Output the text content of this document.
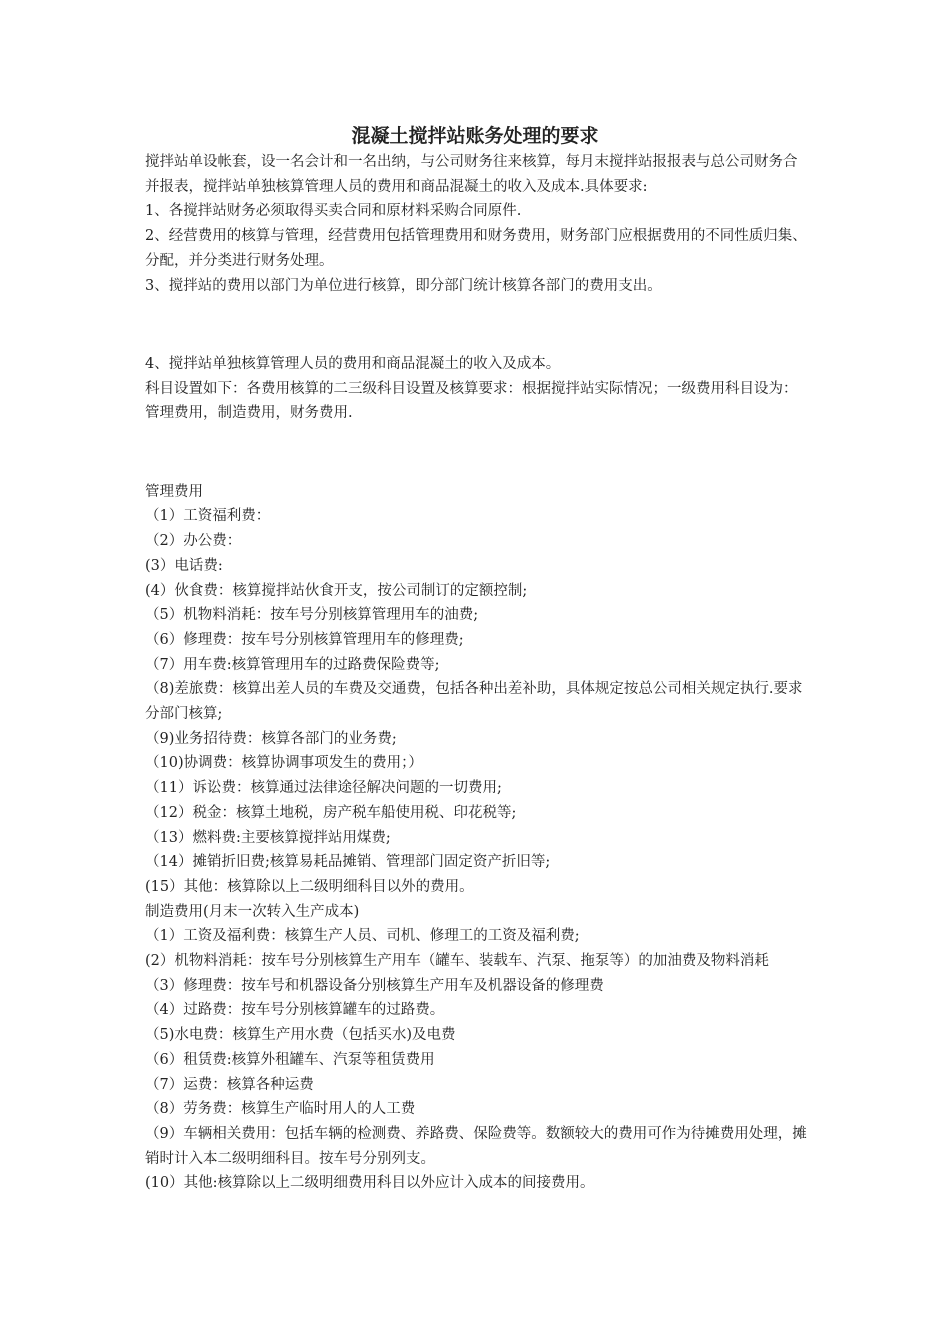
混凝土搅拌站账务处理的要求

搅拌站单设帐套，设一名会计和一名出纳，与公司财务往来核算，每月末搅拌站报报表与总公司财务合并报表，搅拌站单独核算管理人员的费用和商品混凝土的收入及成本.具体要求:

1、各搅拌站财务必须取得买卖合同和原材料采购合同原件.

2、经营费用的核算与管理，经营费用包括管理费用和财务费用，财务部门应根据费用的不同性质归集、分配，并分类进行财务处理。

3、搅拌站的费用以部门为单位进行核算，即分部门统计核算各部门的费用支出。

4、搅拌站单独核算管理人员的费用和商品混凝土的收入及成本。

科目设置如下：各费用核算的二三级科目设置及核算要求：根据搅拌站实际情况；一级费用科目设为：管理费用，制造费用，财务费用.

管理费用

（1）工资福利费：

（2）办公费：

(3）电话费:

(4）伙食费：核算搅拌站伙食开支，按公司制订的定额控制;

（5）机物料消耗：按车号分别核算管理用车的油费;

（6）修理费：按车号分别核算管理用车的修理费;

（7）用车费:核算管理用车的过路费保险费等;

（8)差旅费：核算出差人员的车费及交通费，包括各种出差补助，具体规定按总公司相关规定执行.要求分部门核算;

（9)业务招待费：核算各部门的业务费;

（10)协调费：核算协调事项发生的费用；）

（11）诉讼费：核算通过法律途径解决问题的一切费用;

（12）税金：核算土地税，房产税车船使用税、印花税等;

（13）燃料费:主要核算搅拌站用煤费;

（14）摊销折旧费;核算易耗品摊销、管理部门固定资产折旧等;

(15）其他：核算除以上二级明细科目以外的费用。

制造费用(月末一次转入生产成本)

（1）工资及福利费：核算生产人员、司机、修理工的工资及福利费;

(2）机物料消耗：按车号分别核算生产用车（罐车、装载车、汽泵、拖泵等）的加油费及物料消耗

（3）修理费：按车号和机器设备分别核算生产用车及机器设备的修理费

（4）过路费：按车号分别核算罐车的过路费。

（5)水电费：核算生产用水费（包括买水)及电费

（6）租赁费:核算外租罐车、汽泵等租赁费用

（7）运费：核算各种运费

（8）劳务费：核算生产临时用人的人工费

（9）车辆相关费用：包括车辆的检测费、养路费、保险费等。数额较大的费用可作为待摊费用处理，摊销时计入本二级明细科目。按车号分别列支。

(10）其他:核算除以上二级明细费用科目以外应计入成本的间接费用。
